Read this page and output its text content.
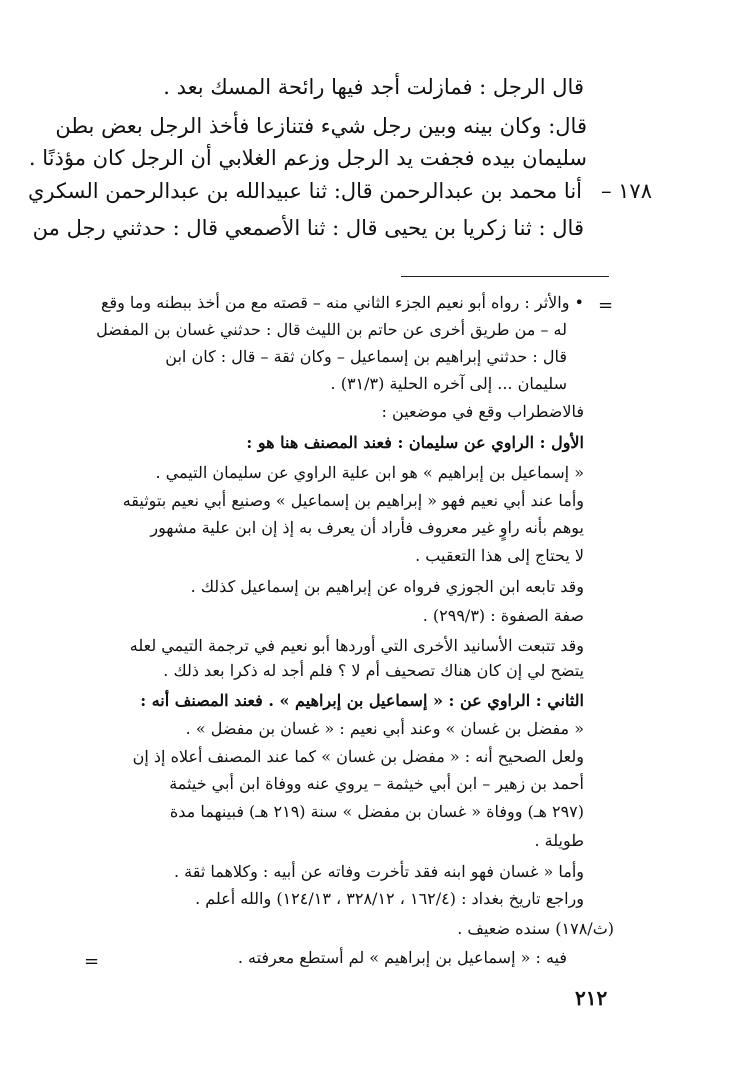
قال الرجل : فمازلت أجد فيها رائحة المسك بعد .
قال: وكان بينه وبين رجل شيء فتنازعا فأخذ الرجل بعض بطن
سليمان بيده فجفت يد الرجل وزعم الغلابي أن الرجل كان مؤذنًا .
١٧٨ –
أنا محمد بن عبدالرحمن قال: ثنا عبيدالله بن عبدالرحمن السكري
قال : ثنا زكريا بن يحيى قال : ثنا الأصمعي قال : حدثني رجل من
=
=
• والأثر : رواه أبو نعيم الجزء الثاني منه – قصته مع من أخذ ببطنه وما وقع
له – من طريق أخرى عن حاتم بن الليث قال : حدثني غسان بن المفضل
قال : حدثني إبراهيم بن إسماعيل – وكان ثقة – قال : كان ابن
سليمان ... إلى آخره الحلية (٣١/٣) .
فالاضطراب وقع في موضعين :
الأول : الراوي عن سليمان : فعند المصنف هنا هو :
« إسماعيل بن إبراهيم » هو ابن علية الراوي عن سليمان التيمي .
وأما عند أبي نعيم فهو « إبراهيم بن إسماعيل » وصنيع أبي نعيم بتوثيقه
يوهم بأنه راوٍ غير معروف فأراد أن يعرف به إذ إن ابن علية مشهور
لا يحتاج إلى هذا التعقيب .
وقد تابعه ابن الجوزي فرواه عن إبراهيم بن إسماعيل كذلك .
صفة الصفوة : (٢٩٩/٣) .
وقد تتبعت الأسانيد الأخرى التي أوردها أبو نعيم في ترجمة التيمي لعله
يتضح لي إن كان هناك تصحيف أم لا ؟ فلم أجد له ذكرا بعد ذلك .
الثاني : الراوي عن : « إسماعيل بن إبراهيم » . فعند المصنف أنه :
« مفضل بن غسان » وعند أبي نعيم : « غسان بن مفضل » .
ولعل الصحيح أنه : « مفضل بن غسان » كما عند المصنف أعلاه إذ إن
أحمد بن زهير – ابن أبي خيثمة – يروي عنه ووفاة ابن أبي خيثمة
(٢٩٧ هـ) ووفاة « غسان بن مفضل » سنة (٢١٩ هـ) فبينهما مدة
طويلة .
وأما « غسان فهو ابنه فقد تأخرت وفاته عن أبيه : وكلاهما ثقة .
وراجع تاريخ بغداد : (١٦٢/٤ ، ٣٢٨/١٢ ، ١٢٤/١٣) والله أعلم .
(ث/١٧٨) سنده ضعيف .
فيه : « إسماعيل بن إبراهيم » لم أستطع معرفته .
٢١٢
